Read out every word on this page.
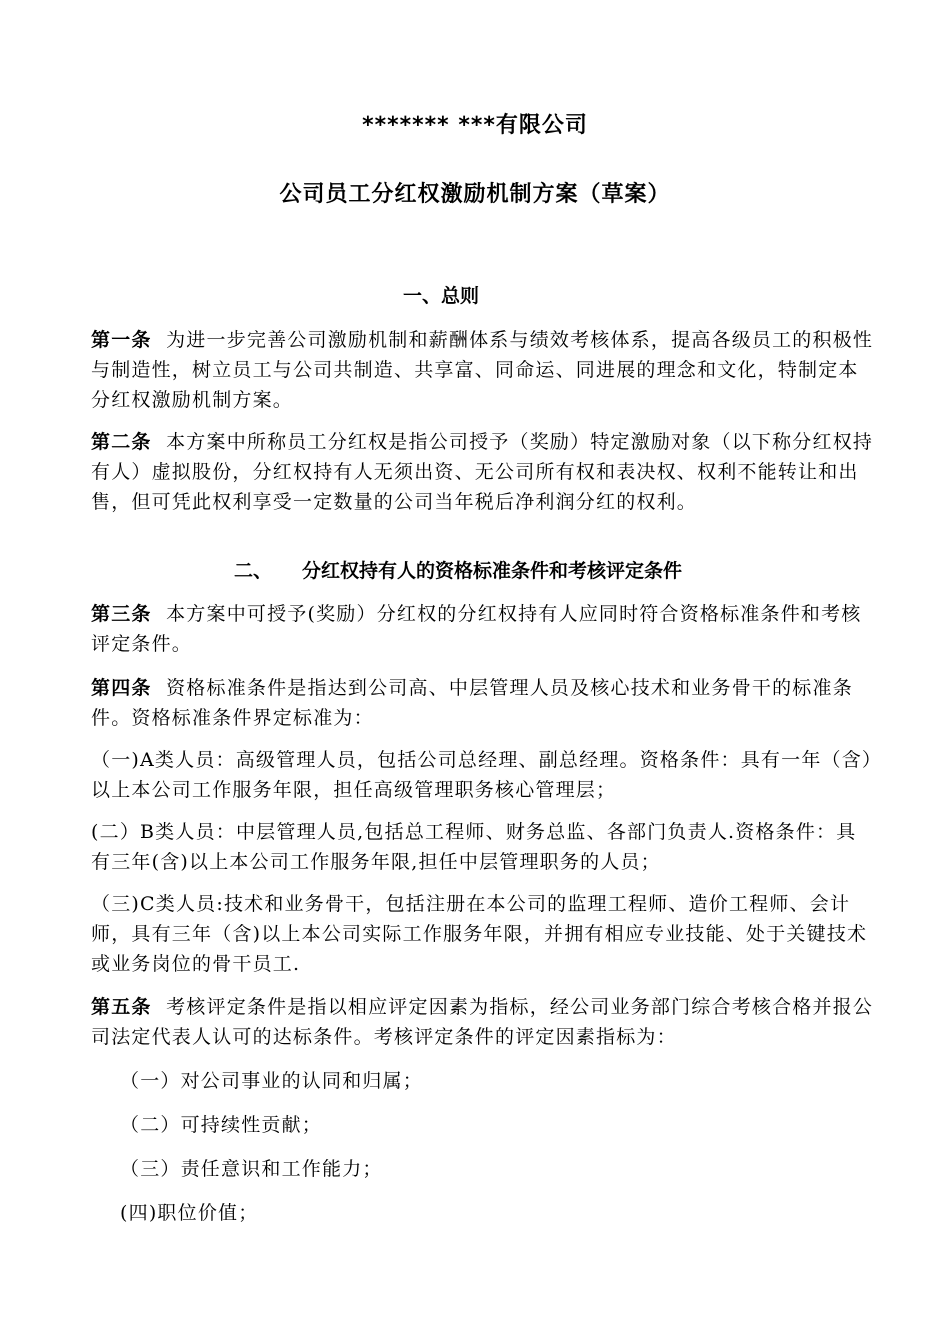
******* ***有限公司
公司员工分红权激励机制方案（草案）
一、总则

第一条 为进一步完善公司激励机制和薪酬体系与绩效考核体系，提高各级员工的积极性与制造性，树立员工与公司共制造、共享富、同命运、同进展的理念和文化，特制定本分红权激励机制方案。

第二条 本方案中所称员工分红权是指公司授予（奖励）特定激励对象（以下称分红权持有人）虚拟股份，分红权持有人无须出资、无公司所有权和表决权、权利不能转让和出售，但可凭此权利享受一定数量的公司当年税后净利润分红的权利。

二、 分红权持有人的资格标准条件和考核评定条件

第三条 本方案中可授予(奖励）分红权的分红权持有人应同时符合资格标准条件和考核评定条件。

第四条 资格标准条件是指达到公司高、中层管理人员及核心技术和业务骨干的标准条件。资格标准条件界定标准为：

（一)A类人员：高级管理人员，包括公司总经理、副总经理。资格条件：具有一年（含）以上本公司工作服务年限，担任高级管理职务核心管理层；

(二）B类人员：中层管理人员,包括总工程师、财务总监、各部门负责人.资格条件：具有三年(含)以上本公司工作服务年限,担任中层管理职务的人员；

（三)C类人员:技术和业务骨干，包括注册在本公司的监理工程师、造价工程师、会计师，具有三年（含)以上本公司实际工作服务年限，并拥有相应专业技能、处于关键技术或业务岗位的骨干员工.

第五条 考核评定条件是指以相应评定因素为指标，经公司业务部门综合考核合格并报公司法定代表人认可的达标条件。考核评定条件的评定因素指标为：

（一）对公司事业的认同和归属；

（二）可持续性贡献；

（三）责任意识和工作能力；

(四)职位价值；
